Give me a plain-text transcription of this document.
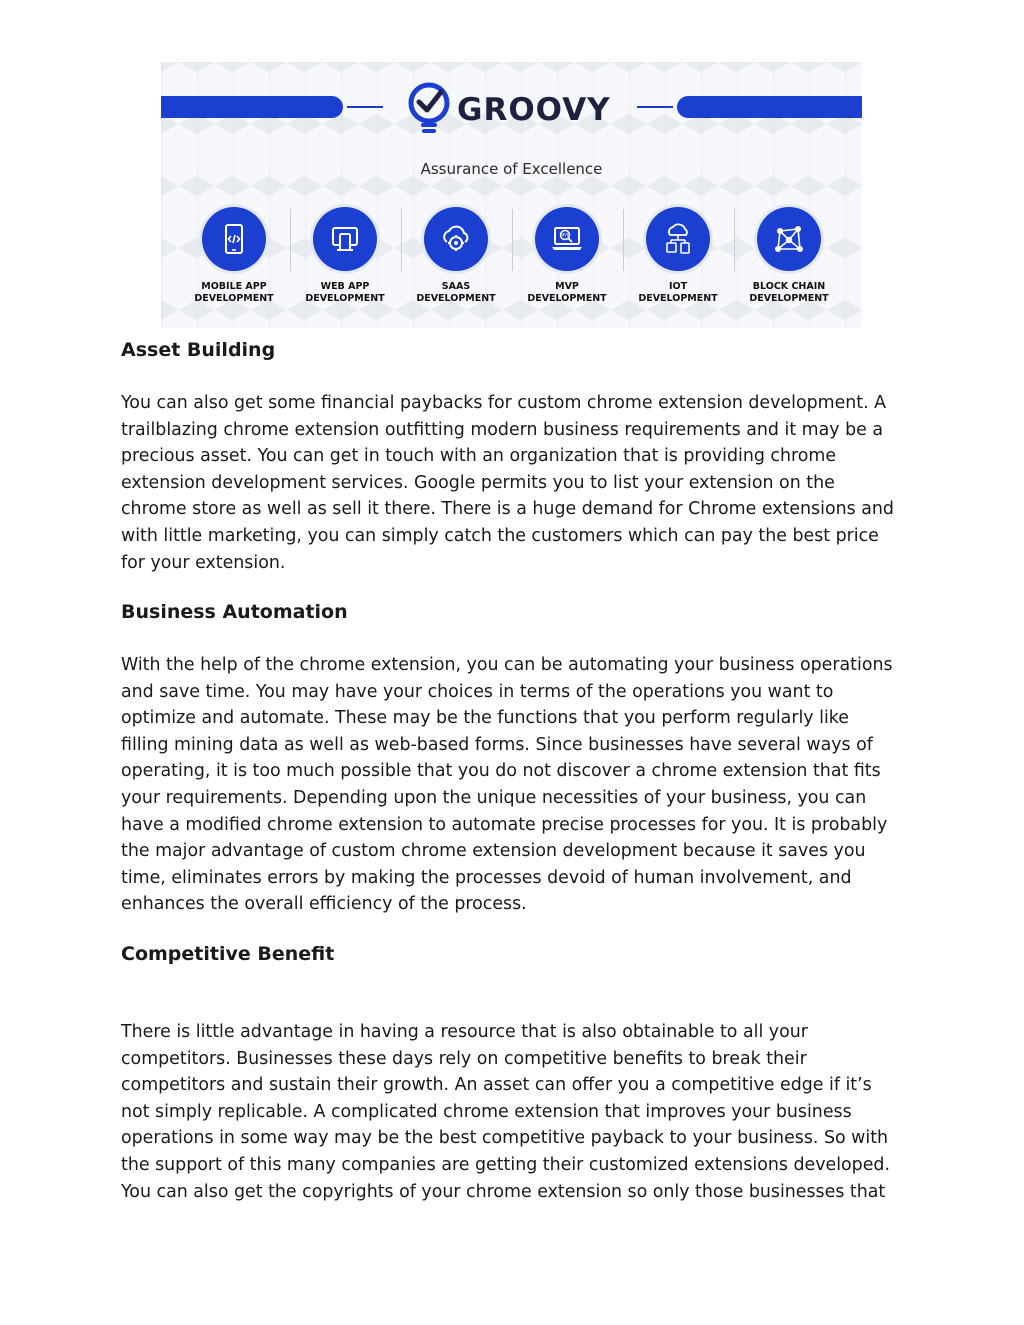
GROOVY
Assurance of Excellence
MOBILE APP
DEVELOPMENT
WEB APP
DEVELOPMENT
SAAS
DEVELOPMENT
MVP
MVP
DEVELOPMENT
IOT
DEVELOPMENT
BLOCK CHAIN
DEVELOPMENT
Asset Building

You can also get some financial paybacks for custom chrome extension development. A
trailblazing chrome extension outfitting modern business requirements and it may be a
precious asset. You can get in touch with an organization that is providing chrome
extension development services. Google permits you to list your extension on the
chrome store as well as sell it there. There is a huge demand for Chrome extensions and
with little marketing, you can simply catch the customers which can pay the best price
for your extension.

Business Automation

With the help of the chrome extension, you can be automating your business operations
and save time. You may have your choices in terms of the operations you want to
optimize and automate. These may be the functions that you perform regularly like
filling mining data as well as web-based forms. Since businesses have several ways of
operating, it is too much possible that you do not discover a chrome extension that fits
your requirements. Depending upon the unique necessities of your business, you can
have a modified chrome extension to automate precise processes for you. It is probably
the major advantage of custom chrome extension development because it saves you
time, eliminates errors by making the processes devoid of human involvement, and
enhances the overall efficiency of the process.

Competitive Benefit

There is little advantage in having a resource that is also obtainable to all your
competitors. Businesses these days rely on competitive benefits to break their
competitors and sustain their growth. An asset can offer you a competitive edge if it’s
not simply replicable. A complicated chrome extension that improves your business
operations in some way may be the best competitive payback to your business. So with
the support of this many companies are getting their customized extensions developed.
You can also get the copyrights of your chrome extension so only those businesses that
